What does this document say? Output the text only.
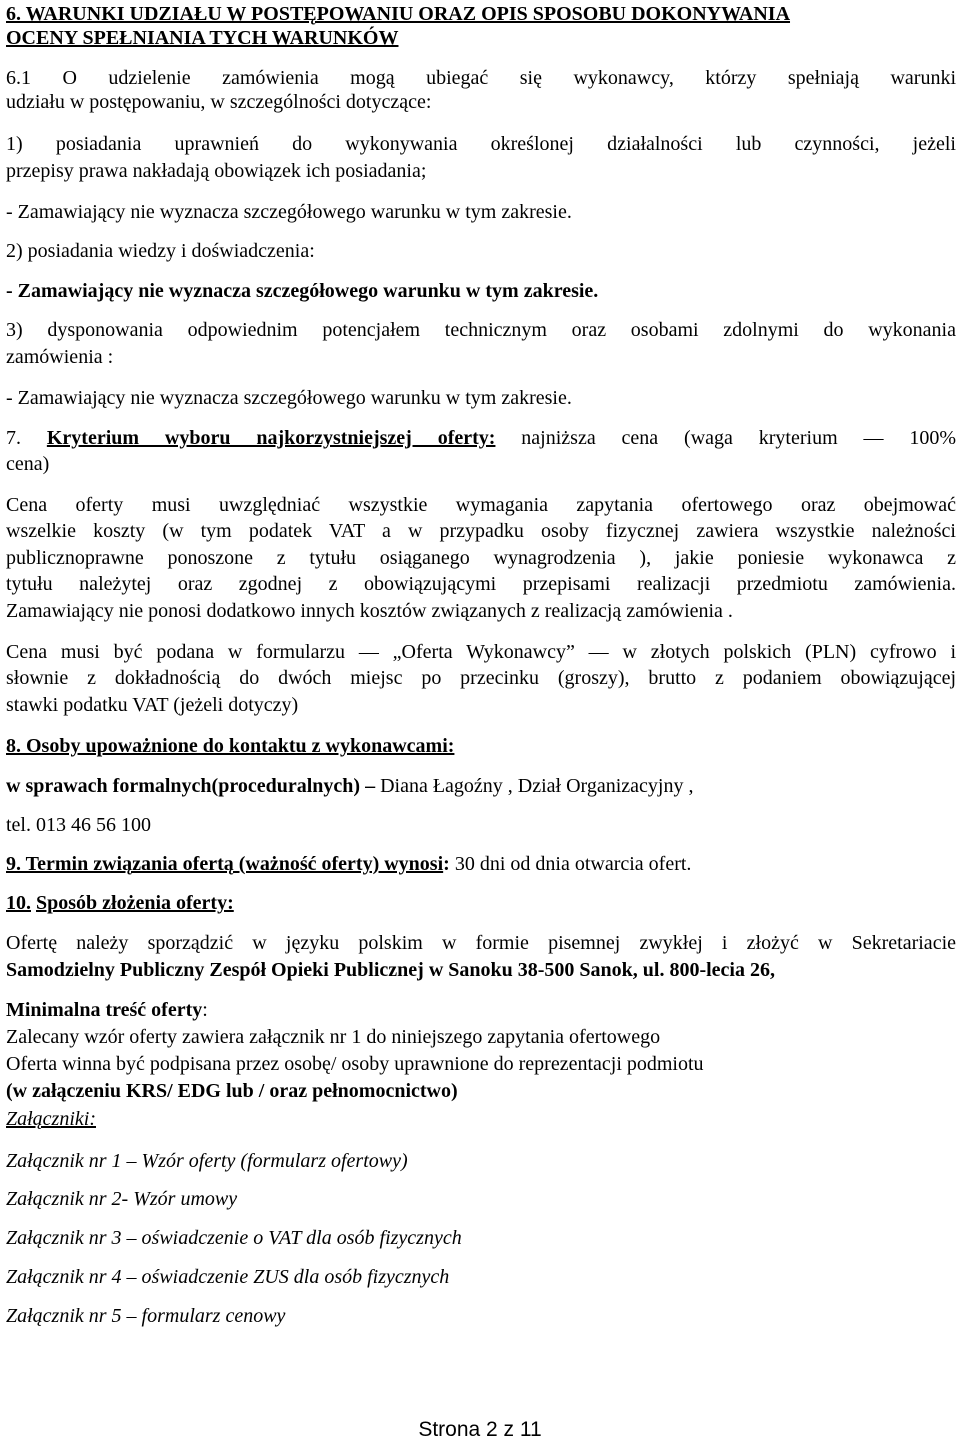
6. WARUNKI UDZIAŁU W POSTĘPOWANIU ORAZ OPIS SPOSOBU DOKONYWANIA
OCENY SPEŁNIANIA TYCH WARUNKÓW
6.1 O udzielenie zamówienia mogą ubiegać się wykonawcy, którzy spełniają warunki
udziału w postępowaniu, w szczególności dotyczące:
1) posiadania uprawnień do wykonywania określonej działalności lub czynności, jeżeli
przepisy prawa nakładają obowiązek ich posiadania;
- Zamawiający nie wyznacza szczegółowego warunku w tym zakresie.
2) posiadania wiedzy i doświadczenia:
- Zamawiający nie wyznacza szczegółowego warunku w tym zakresie.
3) dysponowania odpowiednim potencjałem technicznym oraz osobami zdolnymi do wykonania
zamówienia :
- Zamawiający nie wyznacza szczegółowego warunku w tym zakresie.
7. Kryterium wyboru najkorzystniejszej oferty: najniższa cena (waga kryterium — 100%
cena)
Cena oferty musi uwzględniać wszystkie wymagania zapytania ofertowego oraz obejmować
wszelkie koszty (w tym podatek VAT a w przypadku osoby fizycznej zawiera wszystkie należności
publicznoprawne ponoszone z tytułu osiąganego wynagrodzenia ), jakie poniesie wykonawca z
tytułu należytej oraz zgodnej z obowiązującymi przepisami realizacji przedmiotu zamówienia.
Zamawiający nie ponosi dodatkowo innych kosztów związanych z realizacją zamówienia .
Cena musi być podana w formularzu — „Oferta Wykonawcy” — w złotych polskich (PLN) cyfrowo i
słownie z dokładnością do dwóch miejsc po przecinku (groszy), brutto z podaniem obowiązującej
stawki podatku VAT (jeżeli dotyczy)
8. Osoby upoważnione do kontaktu z wykonawcami:
w sprawach formalnych(proceduralnych) – Diana Łagoźny , Dział Organizacyjny ,
tel. 013 46 56 100
9. Termin związania ofertą (ważność oferty) wynosi: 30 dni od dnia otwarcia ofert.
10. Sposób złożenia oferty:
Ofertę należy sporządzić w języku polskim w formie pisemnej zwykłej i złożyć w Sekretariacie
Samodzielny Publiczny Zespół Opieki Publicznej w Sanoku 38-500 Sanok, ul. 800-lecia 26,
Minimalna treść oferty:
Zalecany wzór oferty zawiera załącznik nr 1 do niniejszego zapytania ofertowego
Oferta winna być podpisana przez osobę/ osoby uprawnione do reprezentacji podmiotu
(w załączeniu KRS/ EDG lub / oraz pełnomocnictwo)
Załączniki:
Załącznik nr 1 – Wzór oferty (formularz ofertowy)
Załącznik nr 2- Wzór umowy
Załącznik nr 3 – oświadczenie o VAT dla osób fizycznych
Załącznik nr 4 – oświadczenie ZUS dla osób fizycznych
Załącznik nr 5 – formularz cenowy
Strona 2 z 11
